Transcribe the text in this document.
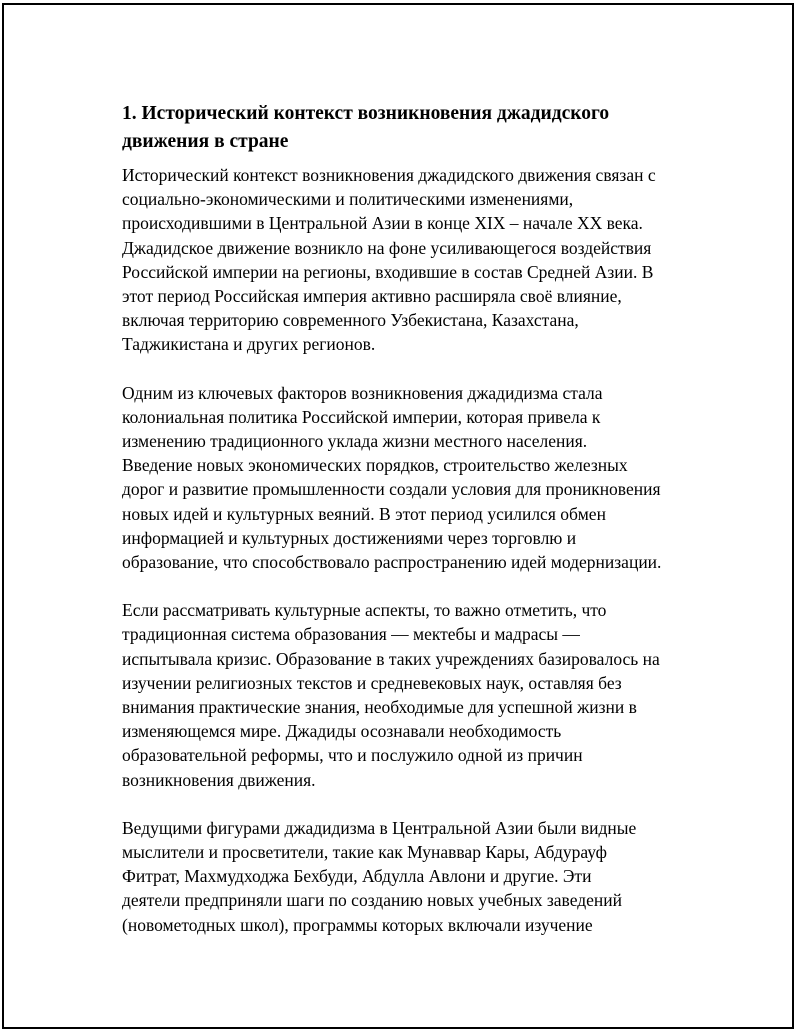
1. Исторический контекст возникновения джадидского
движения в стране
Исторический контекст возникновения джадидского движения связан с
социально-экономическими и политическими изменениями,
происходившими в Центральной Азии в конце XIX – начале XX века.
Джадидское движение возникло на фоне усиливающегося воздействия
Российской империи на регионы, входившие в состав Средней Азии. В
этот период Российская империя активно расширяла своё влияние,
включая территорию современного Узбекистана, Казахстана,
Таджикистана и других регионов.
Одним из ключевых факторов возникновения джадидизма стала
колониальная политика Российской империи, которая привела к
изменению традиционного уклада жизни местного населения.
Введение новых экономических порядков, строительство железных
дорог и развитие промышленности создали условия для проникновения
новых идей и культурных веяний. В этот период усилился обмен
информацией и культурных достижениями через торговлю и
образование, что способствовало распространению идей модернизации.
Если рассматривать культурные аспекты, то важно отметить, что
традиционная система образования — мектебы и мадрасы —
испытывала кризис. Образование в таких учреждениях базировалось на
изучении религиозных текстов и средневековых наук, оставляя без
внимания практические знания, необходимые для успешной жизни в
изменяющемся мире. Джадиды осознавали необходимость
образовательной реформы, что и послужило одной из причин
возникновения движения.
Ведущими фигурами джадидизма в Центральной Азии были видные
мыслители и просветители, такие как Мунаввар Кары, Абдурауф
Фитрат, Махмудходжа Бехбуди, Абдулла Авлони и другие. Эти
деятели предприняли шаги по созданию новых учебных заведений
(новометодных школ), программы которых включали изучение
